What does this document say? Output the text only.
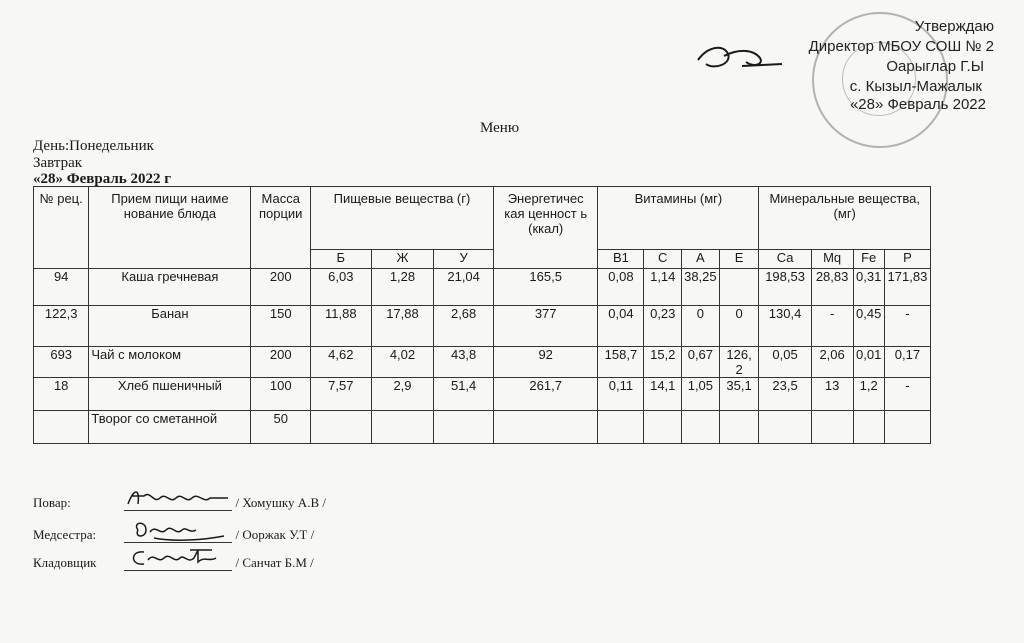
Утверждаю
Директор МБОУ СОШ № 2
Оарыглар Г.Ы
с. Кызыл-Мажалык
«28» Февраль 2022
Меню
День:Понедельник
Завтрак
«28» Февраль 2022 г
№ рец.	Прием пищи наиме нование блюда	Масса порции	Пищевые вещества (г)			Энергетичес кая ценност ь (ккал)	Витамины (мг)				Минеральные вещества, (мг)			
			Б	Ж	У		В1	С	А	Е	Са	Мq	Fe	Р
94	Каша гречневая	200	6,03	1,28	21,04	165,5	0,08	1,14	38,25		198,53	28,83	0,31	171,83
122,3	Банан	150	11,88	17,88	2,68	377	0,04	0,23	0	0	130,4	-	0,45	-
693	Чай с молоком	200	4,62	4,02	43,8	92	158,7	15,2	0,67	126, 2	0,05	2,06	0,01	0,17
18	Хлеб пшеничный	100	7,57	2,9	51,4	261,7	0,11	14,1	1,05	35,1	23,5	13	1,2	-
	Творог со сметанной	50												
Повар:	/ Хомушку А.В /
Медсестра:	/ Ооржак У.Т /
Кладовщик	/ Санчат Б.М /
